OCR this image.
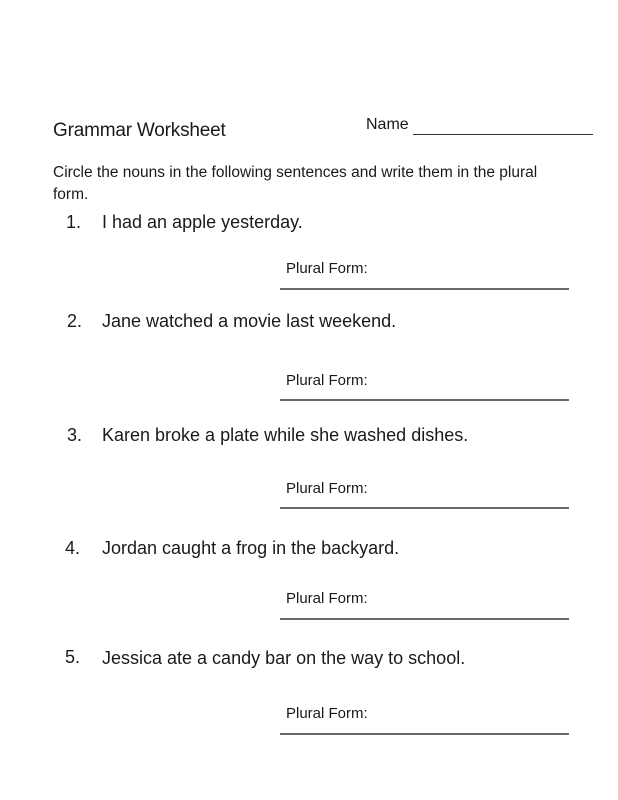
Grammar Worksheet	Name
Circle the nouns in the following sentences and write them in the plural form.
1. I had an apple yesterday.
Plural Form:
2. Jane watched a movie last weekend.
Plural Form:
3. Karen broke a plate while she washed dishes.
Plural Form:
4. Jordan caught a frog in the backyard.
Plural Form:
5. Jessica ate a candy bar on the way to school.
Plural Form:
